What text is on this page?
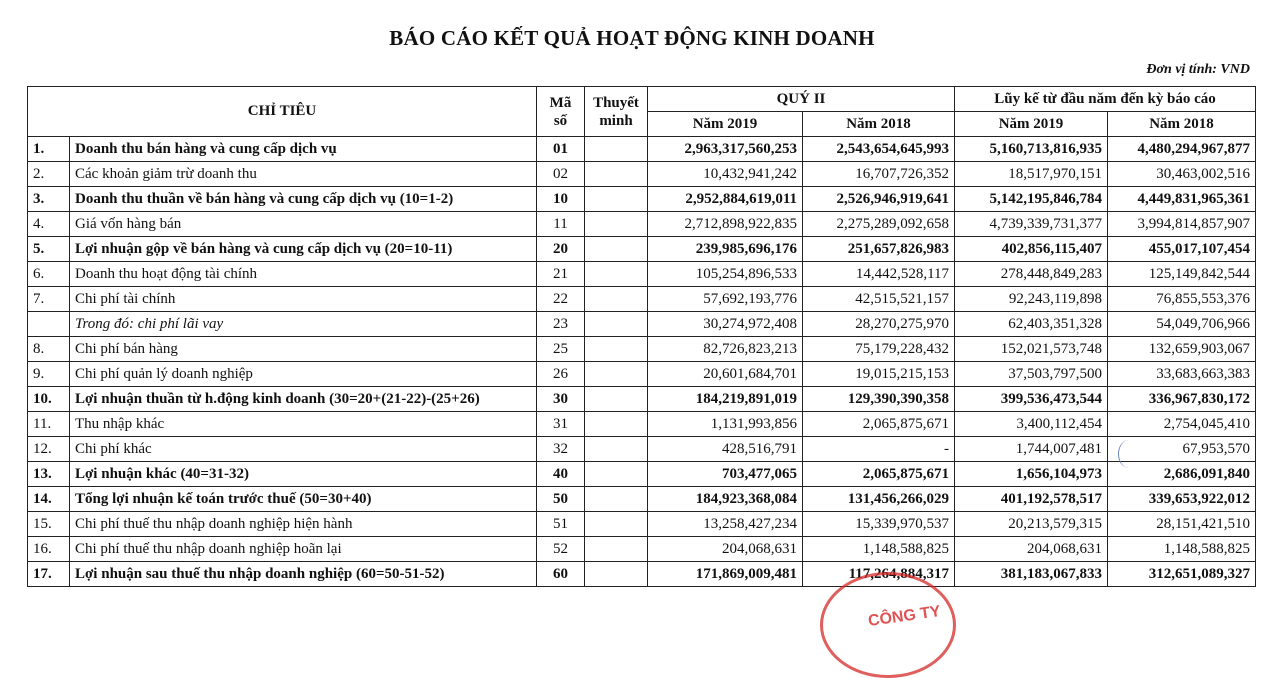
BÁO CÁO KẾT QUẢ HOẠT ĐỘNG KINH DOANH
Đơn vị tính: VND
CHỈ TIÊU		Mã số	Thuyết minh	QUÝ II		Lũy kế từ đầu năm đến kỳ báo cáo	
				Năm 2019	Năm 2018	Năm 2019	Năm 2018
1.	Doanh thu bán hàng và cung cấp dịch vụ	01		2,963,317,560,253	2,543,654,645,993	5,160,713,816,935	4,480,294,967,877
2.	Các khoản giảm trừ doanh thu	02		10,432,941,242	16,707,726,352	18,517,970,151	30,463,002,516
3.	Doanh thu thuần về bán hàng và cung cấp dịch vụ (10=1-2)	10		2,952,884,619,011	2,526,946,919,641	5,142,195,846,784	4,449,831,965,361
4.	Giá vốn hàng bán	11		2,712,898,922,835	2,275,289,092,658	4,739,339,731,377	3,994,814,857,907
5.	Lợi nhuận gộp về bán hàng và cung cấp dịch vụ (20=10-11)	20		239,985,696,176	251,657,826,983	402,856,115,407	455,017,107,454
6.	Doanh thu hoạt động tài chính	21		105,254,896,533	14,442,528,117	278,448,849,283	125,149,842,544
7.	Chi phí tài chính	22		57,692,193,776	42,515,521,157	92,243,119,898	76,855,553,376
	Trong đó: chi phí lãi vay	23		30,274,972,408	28,270,275,970	62,403,351,328	54,049,706,966
8.	Chi phí bán hàng	25		82,726,823,213	75,179,228,432	152,021,573,748	132,659,903,067
9.	Chi phí quản lý doanh nghiệp	26		20,601,684,701	19,015,215,153	37,503,797,500	33,683,663,383
10.	Lợi nhuận thuần từ h.động kinh doanh (30=20+(21-22)-(25+26)	30		184,219,891,019	129,390,390,358	399,536,473,544	336,967,830,172
11.	Thu nhập khác	31		1,131,993,856	2,065,875,671	3,400,112,454	2,754,045,410
12.	Chi phí khác	32		428,516,791	-	1,744,007,481	67,953,570
13.	Lợi nhuận khác (40=31-32)	40		703,477,065	2,065,875,671	1,656,104,973	2,686,091,840
14.	Tổng lợi nhuận kế toán trước thuế (50=30+40)	50		184,923,368,084	131,456,266,029	401,192,578,517	339,653,922,012
15.	Chi phí thuế thu nhập doanh nghiệp hiện hành	51		13,258,427,234	15,339,970,537	20,213,579,315	28,151,421,510
16.	Chi phí thuế thu nhập doanh nghiệp hoãn lại	52		204,068,631	1,148,588,825	204,068,631	1,148,588,825
17.	Lợi nhuận sau thuế thu nhập doanh nghiệp (60=50-51-52)	60		171,869,009,481	117,264,884,317	381,183,067,833	312,651,089,327
CÔNG TY
